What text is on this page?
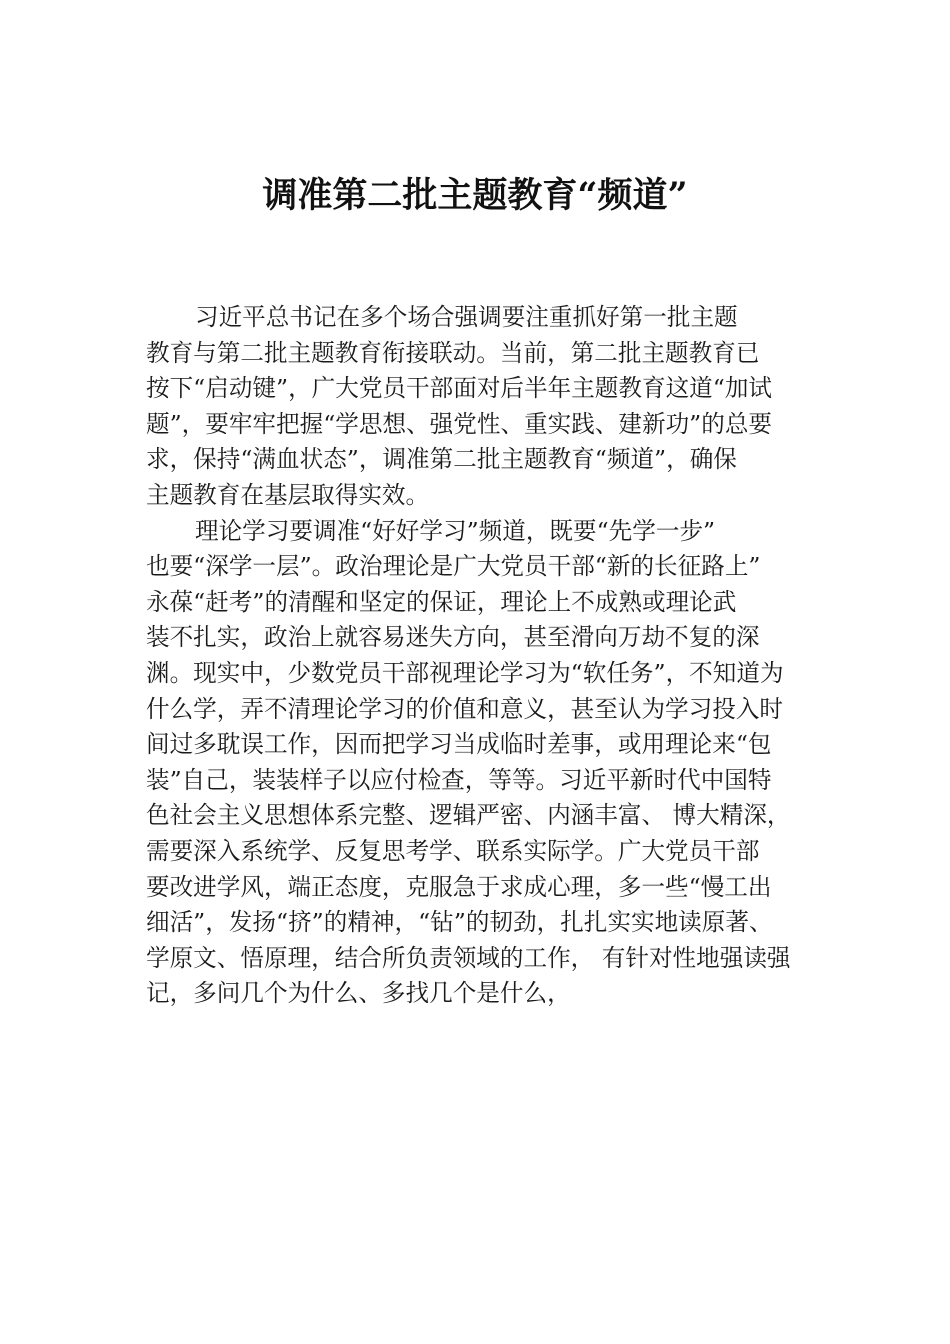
调准第二批主题教育“频道”
习近平总书记在多个场合强调要注重抓好第一批主题
教育与第二批主题教育衔接联动。当前，第二批主题教育已
按下“启动键”，广大党员干部面对后半年主题教育这道“加试
题”，要牢牢把握“学思想、强党性、重实践、建新功”的总要
求，保持“满血状态”，调准第二批主题教育“频道”，确保
主题教育在基层取得实效。
理论学习要调准“好好学习”频道，既要“先学一步”
也要“深学一层”。政治理论是广大党员干部“新的长征路上”
永葆“赶考”的清醒和坚定的保证，理论上不成熟或理论武
装不扎实，政治上就容易迷失方向，甚至滑向万劫不复的深
渊。现实中，少数党员干部视理论学习为“软任务”，不知道为
什么学，弄不清理论学习的价值和意义，甚至认为学习投入时
间过多耽误工作，因而把学习当成临时差事，或用理论来“包
装”自己，装装样子以应付检查，等等。习近平新时代中国特
色社会主义思想体系完整、逻辑严密、内涵丰富、 博大精深，
需要深入系统学、反复思考学、联系实际学。广大党员干部
要改进学风，端正态度，克服急于求成心理，多一些“慢工出
细活”，发扬“挤”的精神，“钻”的韧劲，扎扎实实地读原著、
学原文、悟原理，结合所负责领域的工作， 有针对性地强读强
记，多问几个为什么、多找几个是什么，
